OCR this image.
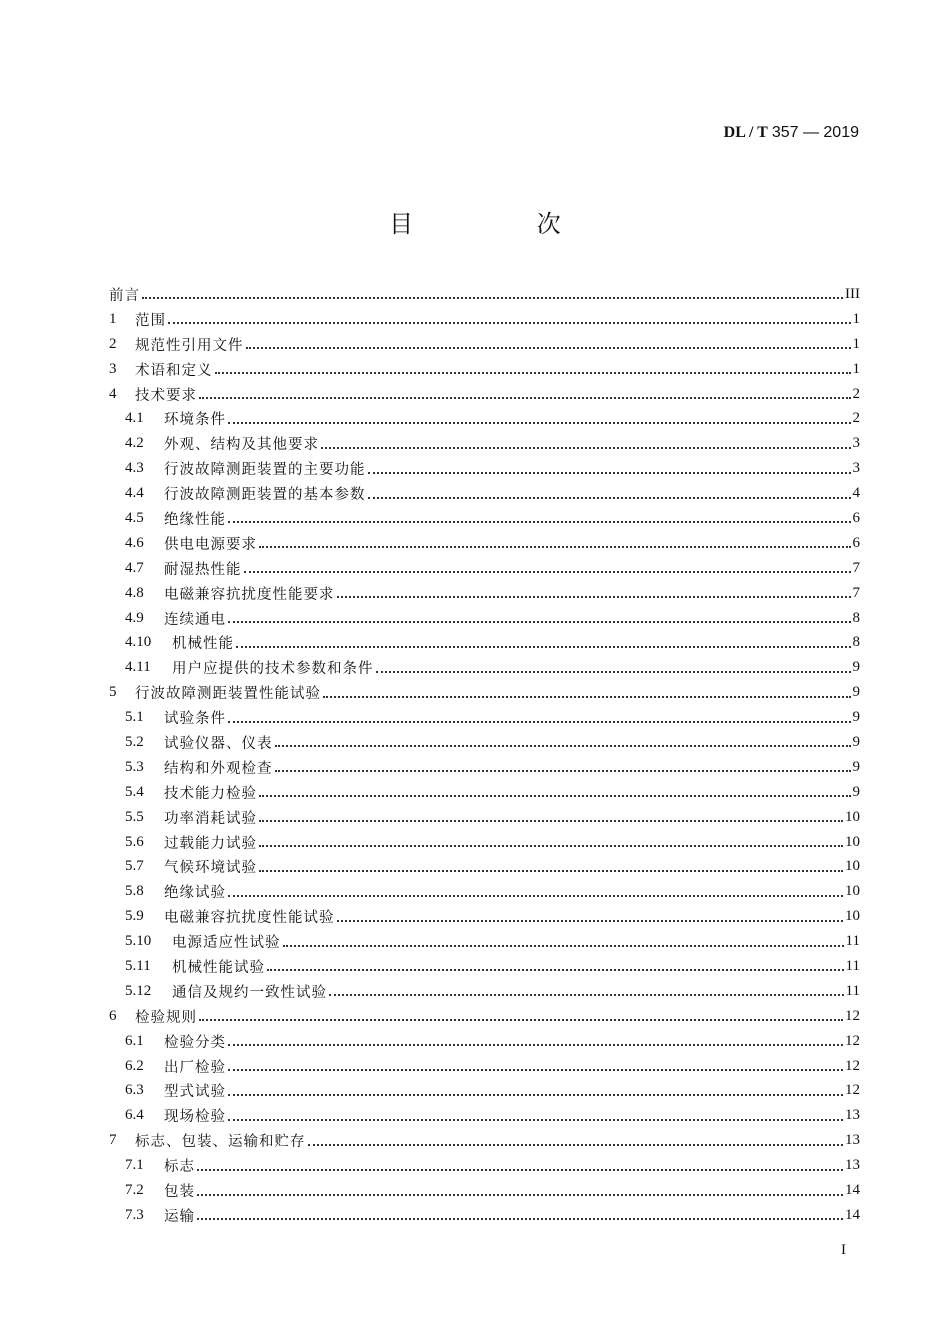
DL / T 357 — 2019
目 次
前言	III
1	范围	1
2	规范性引用文件	1
3	术语和定义	1
4	技术要求	2
4.1	环境条件	2
4.2	外观、结构及其他要求	3
4.3	行波故障测距装置的主要功能	3
4.4	行波故障测距装置的基本参数	4
4.5	绝缘性能	6
4.6	供电电源要求	6
4.7	耐湿热性能	7
4.8	电磁兼容抗扰度性能要求	7
4.9	连续通电	8
4.10	机械性能	8
4.11	用户应提供的技术参数和条件	9
5	行波故障测距装置性能试验	9
5.1	试验条件	9
5.2	试验仪器、仪表	9
5.3	结构和外观检查	9
5.4	技术能力检验	9
5.5	功率消耗试验	10
5.6	过载能力试验	10
5.7	气候环境试验	10
5.8	绝缘试验	10
5.9	电磁兼容抗扰度性能试验	10
5.10	电源适应性试验	11
5.11	机械性能试验	11
5.12	通信及规约一致性试验	11
6	检验规则	12
6.1	检验分类	12
6.2	出厂检验	12
6.3	型式试验	12
6.4	现场检验	13
7	标志、包装、运输和贮存	13
7.1	标志	13
7.2	包装	14
7.3	运输	14
I
